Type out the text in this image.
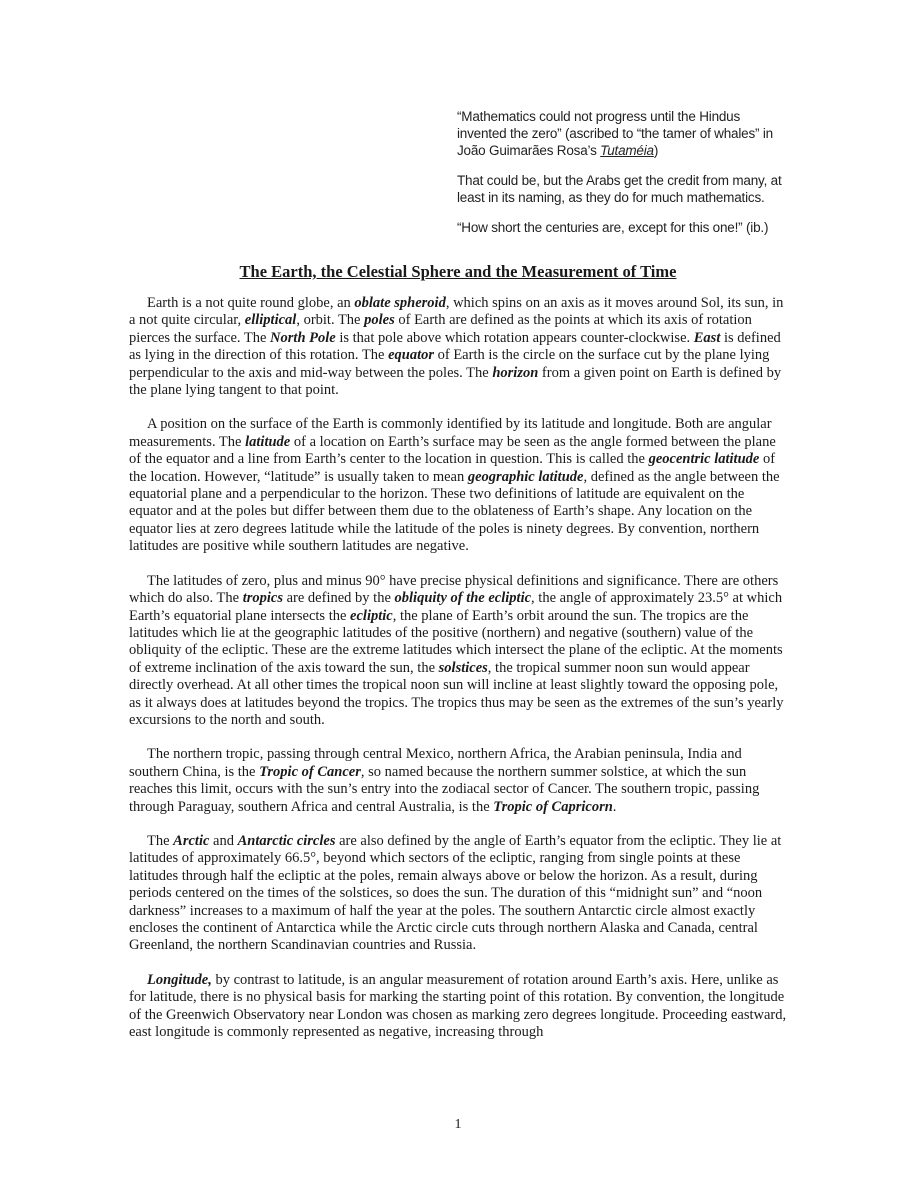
“Mathematics could not progress until the Hindus invented the zero” (ascribed to “the tamer of whales” in João Guimarães Rosa’s Tutaméia)

That could be, but the Arabs get the credit from many, at least in its naming, as they do for much mathematics.

“How short the centuries are, except for this one!” (ib.)

The Earth, the Celestial Sphere and the Measurement of Time

Earth is a not quite round globe, an oblate spheroid, which spins on an axis as it moves around Sol, its sun, in a not quite circular, elliptical, orbit. The poles of Earth are defined as the points at which its axis of rotation pierces the surface. The North Pole is that pole above which rotation appears counter-clockwise. East is defined as lying in the direction of this rotation. The equator of Earth is the circle on the surface cut by the plane lying perpendicular to the axis and mid-way between the poles. The horizon from a given point on Earth is defined by the plane lying tangent to that point.

A position on the surface of the Earth is commonly identified by its latitude and longitude. Both are angular measurements. The latitude of a location on Earth’s surface may be seen as the angle formed between the plane of the equator and a line from Earth’s center to the location in question. This is called the geocentric latitude of the location. However, “latitude” is usually taken to mean geographic latitude, defined as the angle between the equatorial plane and a perpendicular to the horizon. These two definitions of latitude are equivalent on the equator and at the poles but differ between them due to the oblateness of Earth’s shape. Any location on the equator lies at zero degrees latitude while the latitude of the poles is ninety degrees. By convention, northern latitudes are positive while southern latitudes are negative.

The latitudes of zero, plus and minus 90° have precise physical definitions and significance. There are others which do also. The tropics are defined by the obliquity of the ecliptic, the angle of approximately 23.5° at which Earth’s equatorial plane intersects the ecliptic, the plane of Earth’s orbit around the sun. The tropics are the latitudes which lie at the geographic latitudes of the positive (northern) and negative (southern) value of the obliquity of the ecliptic. These are the extreme latitudes which intersect the plane of the ecliptic. At the moments of extreme inclination of the axis toward the sun, the solstices, the tropical summer noon sun would appear directly overhead. At all other times the tropical noon sun will incline at least slightly toward the opposing pole, as it always does at latitudes beyond the tropics. The tropics thus may be seen as the extremes of the sun’s yearly excursions to the north and south.

The northern tropic, passing through central Mexico, northern Africa, the Arabian peninsula, India and southern China, is the Tropic of Cancer, so named because the northern summer solstice, at which the sun reaches this limit, occurs with the sun’s entry into the zodiacal sector of Cancer. The southern tropic, passing through Paraguay, southern Africa and central Australia, is the Tropic of Capricorn.

The Arctic and Antarctic circles are also defined by the angle of Earth’s equator from the ecliptic. They lie at latitudes of approximately 66.5°, beyond which sectors of the ecliptic, ranging from single points at these latitudes through half the ecliptic at the poles, remain always above or below the horizon. As a result, during periods centered on the times of the solstices, so does the sun. The duration of this “midnight sun” and “noon darkness” increases to a maximum of half the year at the poles. The southern Antarctic circle almost exactly encloses the continent of Antarctica while the Arctic circle cuts through northern Alaska and Canada, central Greenland, the northern Scandinavian countries and Russia.

Longitude, by contrast to latitude, is an angular measurement of rotation around Earth’s axis. Here, unlike as for latitude, there is no physical basis for marking the starting point of this rotation. By convention, the longitude of the Greenwich Observatory near London was chosen as marking zero degrees longitude. Proceeding eastward, east longitude is commonly represented as negative, increasing through

1
